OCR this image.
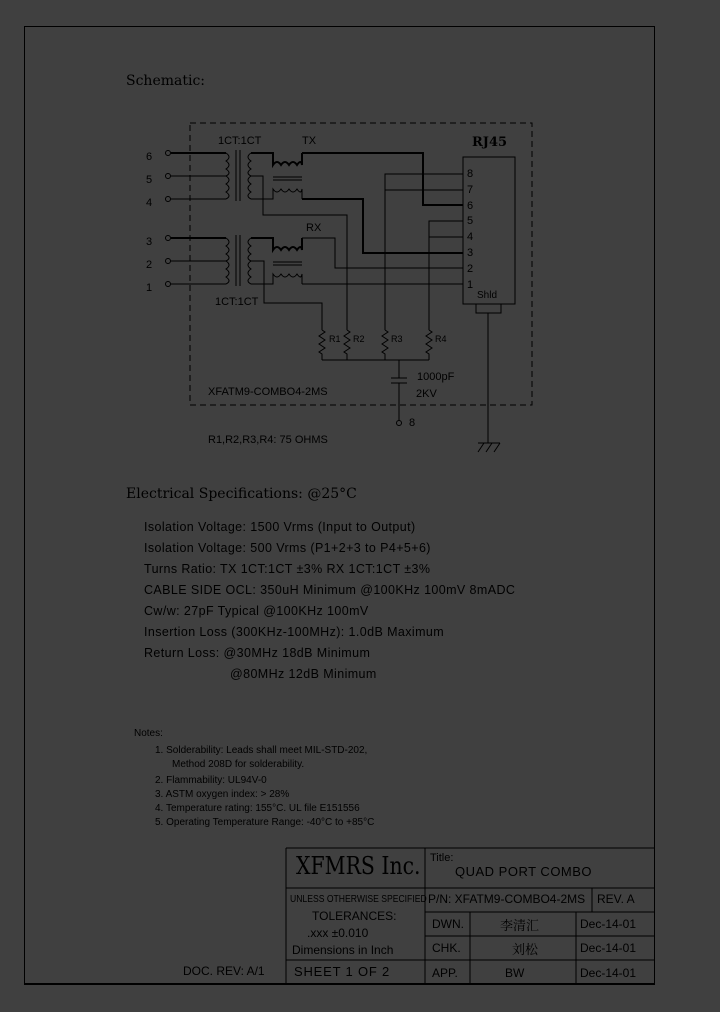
Schematic:
6
5
4
3
2
1
1CT:1CT
1CT:1CT
TX
RX
RJ45
8
7
6
5
4
3
2
1
Shld
R1 R2	R3	R4
1000pF
2KV
8
XFATM9-COMBO4-2MS
R1,R2,R3,R4: 75 OHMS
Electrical Specifications: @25°C
Isolation Voltage: 1500 Vrms (Input to Output)
Isolation Voltage: 500 Vrms (P1+2+3 to P4+5+6)
Turns Ratio: TX 1CT:1CT ±3% RX 1CT:1CT ±3%
CABLE SIDE OCL: 350uH Minimum @100KHz 100mV 8mADC
Cw/w: 27pF Typical @100KHz 100mV
Insertion Loss (300KHz-100MHz): 1.0dB Maximum
Return Loss: @30MHz 18dB Minimum
@80MHz 12dB Minimum
Notes:
1. Solderability: Leads shall meet MIL-STD-202,
Method 208D for solderability.
2. Flammability: UL94V-0
3. ASTM oxygen index: > 28%
4. Temperature rating: 155°C. UL file E151556
5. Operating Temperature Range: -40°C to +85°C
XFMRS Inc. Title:
QUAD PORT COMBO
UNLESS OTHERWISE SPECIFIED
TOLERANCES:
.xxx ±0.010
Dimensions in Inch
SHEET 1 OF 2
P/N: XFATM9-COMBO4-2MS REV. A
DWN.	李清汇	Dec-14-01
CHK.	刘松	Dec-14-01
APP.	BW	Dec-14-01
DOC. REV: A/1
